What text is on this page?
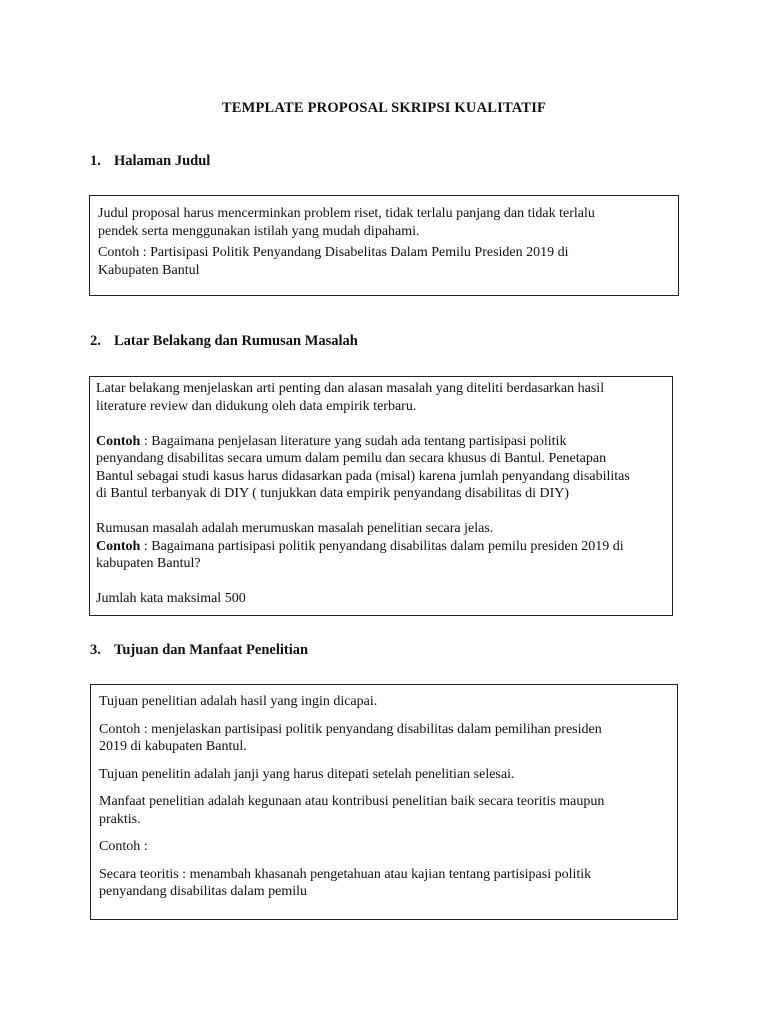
TEMPLATE PROPOSAL SKRIPSI KUALITATIF
1. Halaman Judul

Judul proposal harus mencerminkan problem riset, tidak terlalu panjang dan tidak terlalu

pendek serta menggunakan istilah yang mudah dipahami.

Contoh : Partisipasi Politik Penyandang Disabelitas Dalam Pemilu Presiden 2019 di

Kabupaten Bantul

2. Latar Belakang dan Rumusan Masalah

Latar belakang menjelaskan arti penting dan alasan masalah yang diteliti berdasarkan hasil

literature review dan didukung oleh data empirik terbaru.

Contoh : Bagaimana penjelasan literature yang sudah ada tentang partisipasi politik

penyandang disabilitas secara umum dalam pemilu dan secara khusus di Bantul. Penetapan

Bantul sebagai studi kasus harus didasarkan pada (misal) karena jumlah penyandang disabilitas

di Bantul terbanyak di DIY ( tunjukkan data empirik penyandang disabilitas di DIY)

Rumusan masalah adalah merumuskan masalah penelitian secara jelas.

Contoh : Bagaimana partisipasi politik penyandang disabilitas dalam pemilu presiden 2019 di

kabupaten Bantul?

Jumlah kata maksimal 500

3. Tujuan dan Manfaat Penelitian

Tujuan penelitian adalah hasil yang ingin dicapai.

Contoh : menjelaskan partisipasi politik penyandang disabilitas dalam pemilihan presiden

2019 di kabupaten Bantul.

Tujuan penelitin adalah janji yang harus ditepati setelah penelitian selesai.

Manfaat penelitian adalah kegunaan atau kontribusi penelitian baik secara teoritis maupun

praktis.

Contoh :

Secara teoritis : menambah khasanah pengetahuan atau kajian tentang partisipasi politik

penyandang disabilitas dalam pemilu
